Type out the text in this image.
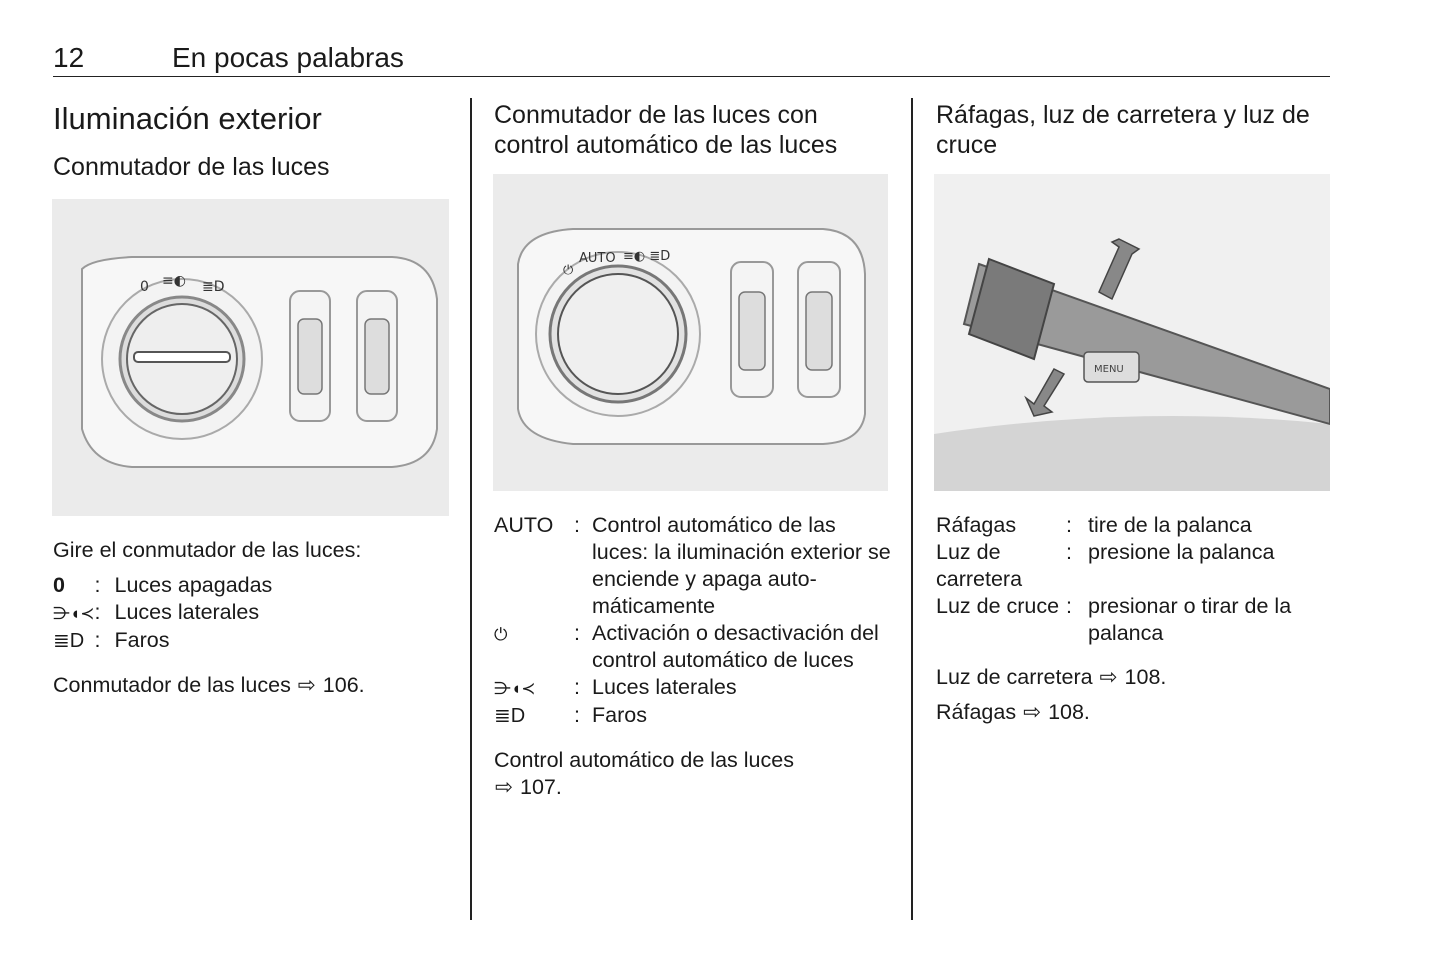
12	En pocas palabras
Iluminación exterior
Conmutador de las luces
0 ≡◐ ≣D
Gire el conmutador de las luces:
0	:	Luces apagadas
⋺◖≺	:	Luces laterales
≣D	:	Faros
Conmutador de las luces ⇨ 106.
Conmutador de las luces con control automático de las luces
⏻
AUTO ≡◐ ≣D
AUTO	:	Control automático de las luces: la iluminación exterior se enciende y apaga automáticamente
⏻	:	Activación o desactivación del control automático de luces
⋺◖≺	:	Luces laterales
≣D	:	Faros
Control automático de las luces
⇨ 107.
Ráfagas, luz de carretera y luz de cruce
MENU
Ráfagas	:	tire de la palanca
Luz de carretera	:	presione la palanca
Luz de cruce	:	presionar o tirar de la palanca
Luz de carretera ⇨ 108.
Ráfagas ⇨ 108.
